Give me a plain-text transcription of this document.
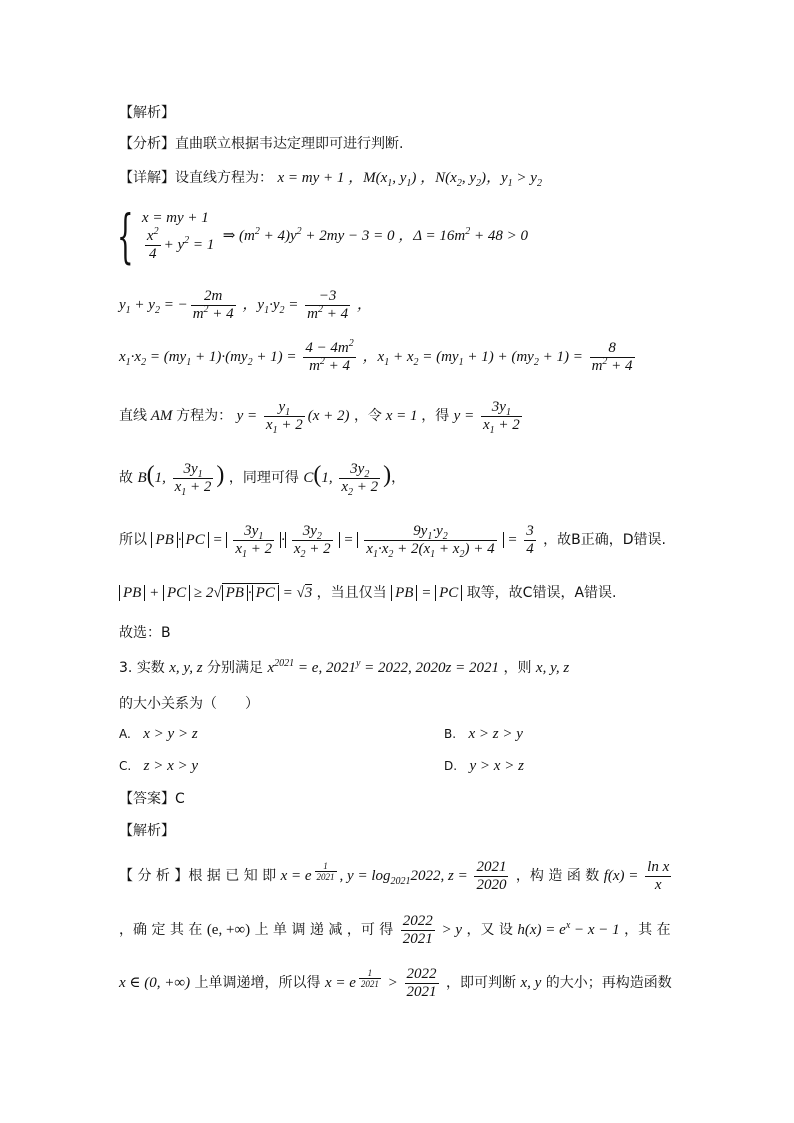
【解析】
【分析】直曲联立根据韦达定理即可进行判断.
【详解】设直线方程为： x = my + 1 ，$M(x_1$, $y_1$) ，$N(x_2$, $y_2$)，$y_1 > y_2$
{ x = my + 1
$\frac{x^2}{4} + y^2 = 1$
⇒ $(m^2 + 4)y^2 + 2my - 3 = 0$ ，$\Delta = 16m^2 + 48 > 0$
$y_1 + y_2$ = − $\frac{2m}{m^2 + 4}$ ，$y_1\cdot y_2 = \frac{-3}{m^2 + 4}$ ，
$x_1\cdot x_2 = (my_1 + 1)\cdot(my_2 + 1) = \frac{4 - 4m^2}{m^2 + 4}$ ，$x_1 + x_2 = (my_1 + 1) + (my_2 + 1) = \frac{8}{m^2 + 4}$
直线 AM 方程为： $y = \frac{y_1}{x_1 + 2} (x + 2)$ ，令 x = 1 ，得 $y = \frac{3y_1}{x_1 + 2}$
故 B(1, $\frac{3y_1}{x_1 + 2}$ ) ，同理可得 C(1, $\frac{3y_2}{x_2 + 2}$ )，
所以 PB · PC = $\frac{3y_1}{x_1 + 2} \cdot \frac{3y_2}{x_2 + 2} = \frac{9y_1\cdot y_2}{x_1\cdot x_2 + 2(x_1 + x_2) + 4} = \frac{3}{4}$ ，故B正确，D错误.
PB + PC ≥ 2√ PB · PC = √3 ，当且仅当 PB = PC 取等，故C错误，A错误.
故选：B
3. 实数 x, y, z 分别满足 $x^{2021} = e$, $2021^y = 2022$, 2020z = 2021 ，则 x, y, z
的大小关系为（　　）
A. x > y > z	B. x > z > y
C. z > x > y	D. y > x > z
【答案】C
【解析】
【 分 析 】根 据 已 知 即 x = e $^{\frac{1}{2021}}$ , $y = \log_{2021}2022$, $z = \frac{2021}{2020}$ ，构 造 函 数 $f(x) = \frac{\text{ln x}}{x}$
，确 定 其 在 (e, +∞) 上 单 调 递 减 ，可 得 $\frac{2022}{2021} > y$ ，又 设 $h(x) = e^x - x - 1$ ，其 在
x ∈ (0, +∞) 上单调递增，所以得 x = e $^{\frac{1}{2021}} > \frac{2022}{2021}$ ，即可判断 x, y 的大小；再构造函数
